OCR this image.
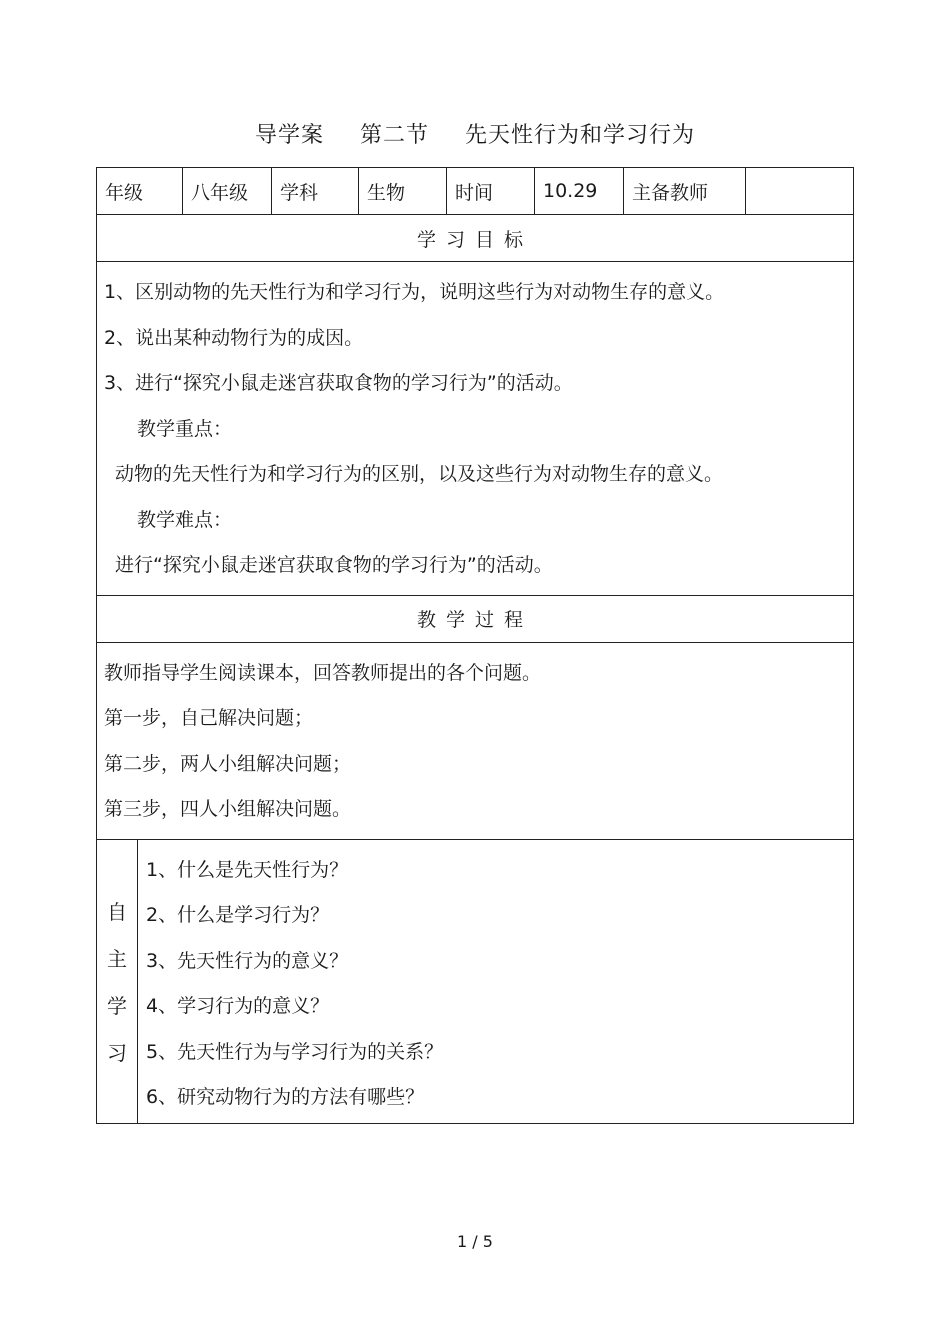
导学案 第二节 先天性行为和学习行为
年级	八年级	学科	生物	时间	10.29	主备教师
学习目标
1、区别动物的先天性行为和学习行为，说明这些行为对动物生存的意义。
2、说出某种动物行为的成因。
3、进行“探究小鼠走迷宫获取食物的学习行为”的活动。
教学重点：
动物的先天性行为和学习行为的区别，以及这些行为对动物生存的意义。
教学难点：
进行“探究小鼠走迷宫获取食物的学习行为”的活动。
教学过程
教师指导学生阅读课本，回答教师提出的各个问题。
第一步，自己解决问题；
第二步，两人小组解决问题；
第三步，四人小组解决问题。
自
主
学
习
1、什么是先天性行为？
2、什么是学习行为？
3、先天性行为的意义？
4、学习行为的意义？
5、先天性行为与学习行为的关系？
6、研究动物行为的方法有哪些？
1 / 5
